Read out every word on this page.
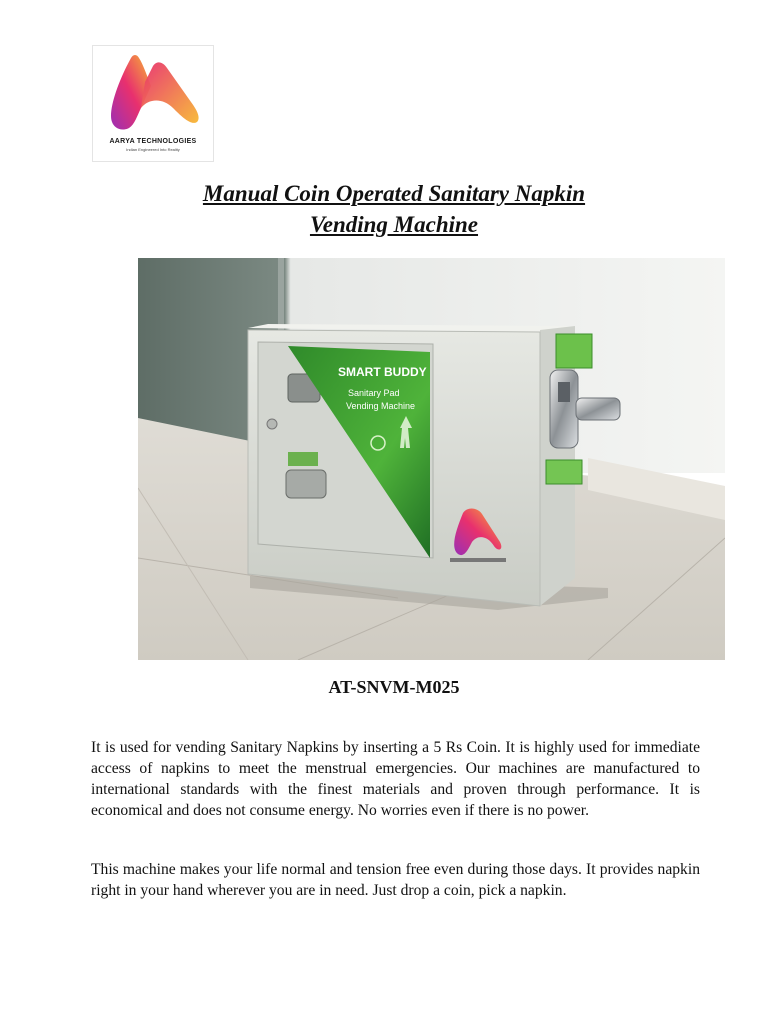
AARYA TECHNOLOGIES
Indian Engineered Into Reality
Manual Coin Operated Sanitary Napkin
Vending Machine
SMART BUDDY
Sanitary Pad
Vending Machine
AT-SNVM-M025

It is used for vending Sanitary Napkins by inserting a 5 Rs Coin. It is highly used for immediate access of napkins to meet the menstrual emergencies. Our machines are manufactured to international standards with the finest materials and proven through performance. It is economical and does not consume energy. No worries even if there is no power.

This machine makes your life normal and tension free even during those days. It provides napkin right in your hand wherever you are in need. Just drop a coin, pick a napkin.
